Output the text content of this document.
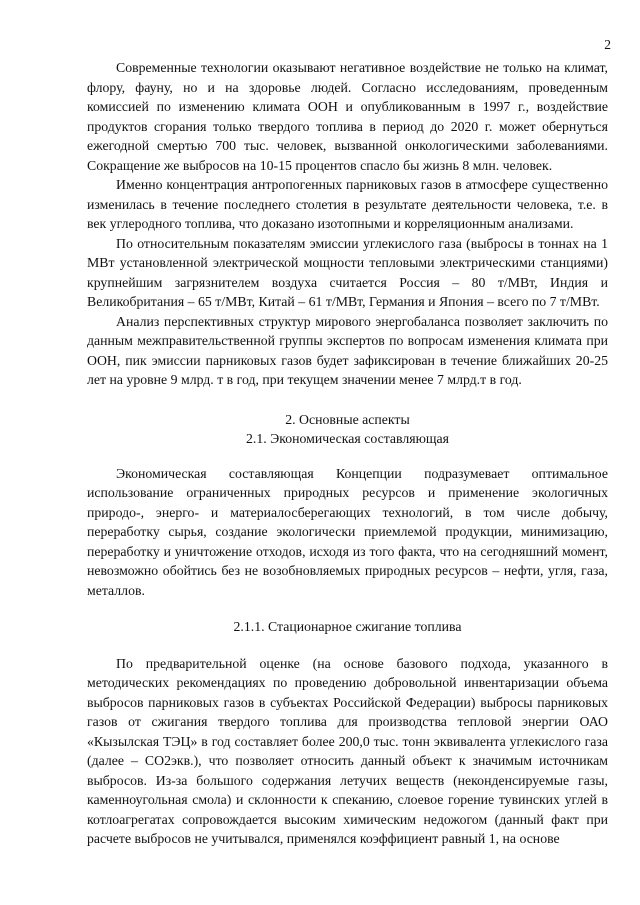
2

Современные технологии оказывают негативное воздействие не только на климат, флору, фауну, но и на здоровье людей. Согласно исследованиям, проведенным комиссией по изменению климата ООН и опубликованным в 1997 г., воздействие продуктов сгорания только твердого топлива в период до 2020 г. может обернуться ежегодной смертью 700 тыс. человек, вызванной онкологическими заболеваниями. Сокращение же выбросов на 10-15 процентов спасло бы жизнь 8 млн. человек.

Именно концентрация антропогенных парниковых газов в атмосфере существенно изменилась в течение последнего столетия в результате деятельности человека, т.е. в век углеродного топлива, что доказано изотопными и корреляционным анализами.

По относительным показателям эмиссии углекислого газа (выбросы в тоннах на 1 МВт установленной электрической мощности тепловыми электрическими станциями) крупнейшим загрязнителем воздуха считается Россия – 80 т/МВт, Индия и Великобритания – 65 т/МВт, Китай – 61 т/МВт, Германия и Япония – всего по 7 т/МВт.

Анализ перспективных структур мирового энергобаланса позволяет заключить по данным межправительственной группы экспертов по вопросам изменения климата при ООН, пик эмиссии парниковых газов будет зафиксирован в течение ближайших 20-25 лет на уровне 9 млрд. т в год, при текущем значении менее 7 млрд.т в год.

2. Основные аспекты

2.1. Экономическая составляющая

Экономическая составляющая Концепции подразумевает оптимальное использование ограниченных природных ресурсов и применение экологичных природо-, энерго- и материалосберегающих технологий, в том числе добычу, переработку сырья, создание экологически приемлемой продукции, минимизацию, переработку и уничтожение отходов, исходя из того факта, что на сегодняшний момент, невозможно обойтись без не возобновляемых природных ресурсов – нефти, угля, газа, металлов.

2.1.1. Стационарное сжигание топлива

По предварительной оценке (на основе базового подхода, указанного в методических рекомендациях по проведению добровольной инвентаризации объема выбросов парниковых газов в субъектах Российской Федерации) выбросы парниковых газов от сжигания твердого топлива для производства тепловой энергии ОАО «Кызылская ТЭЦ» в год составляет более 200,0 тыс. тонн эквивалента углекислого газа (далее – СО2экв.), что позволяет относить данный объект к значимым источникам выбросов. Из-за большого содержания летучих веществ (неконденсируемые газы, каменноугольная смола) и склонности к спеканию, слоевое горение тувинских углей в котлоагрегатах сопровождается высоким химическим недожогом (данный факт при расчете выбросов не учитывался, применялся коэффициент равный 1, на основе
